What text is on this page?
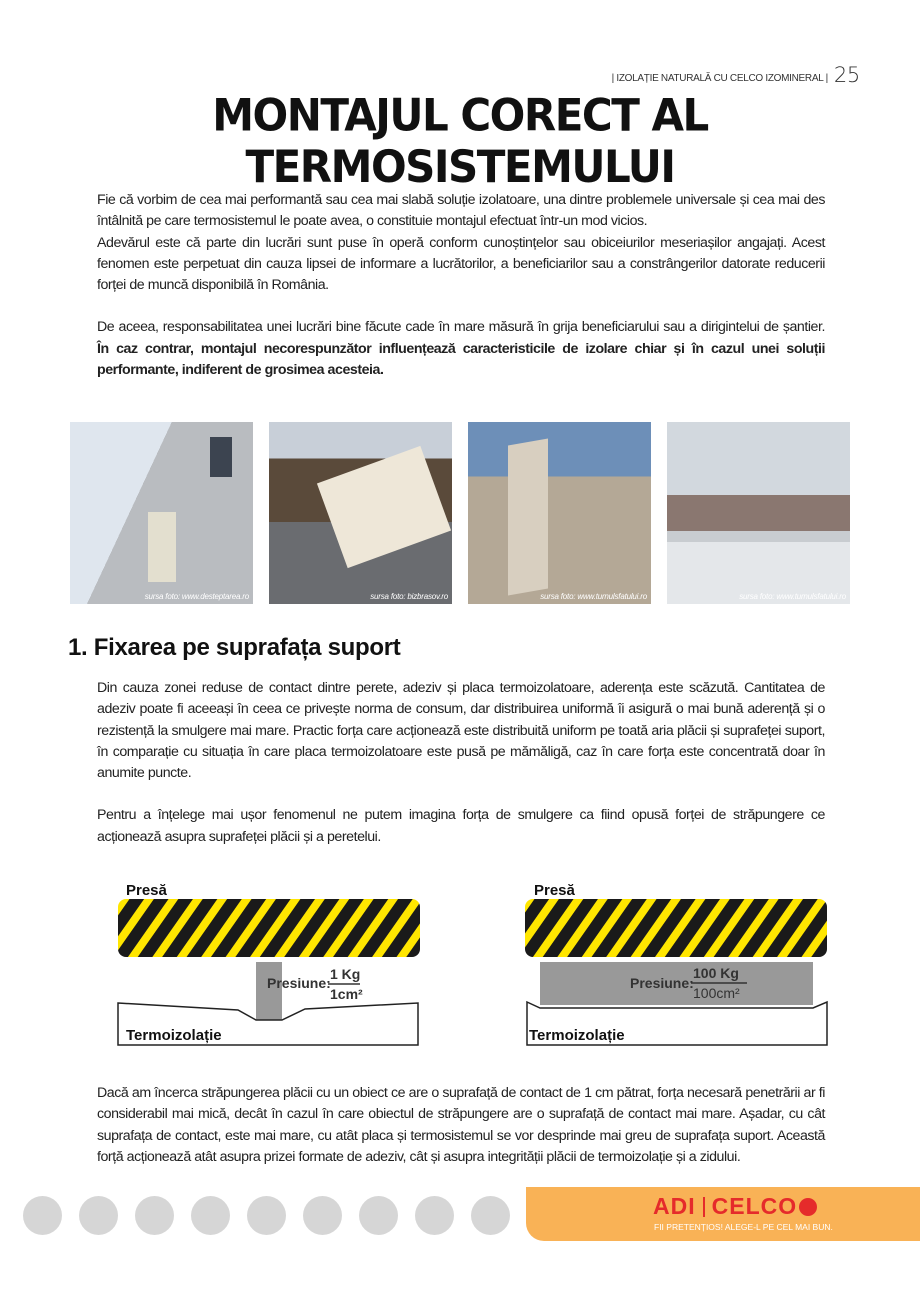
| IZOLAȚIE NATURALĂ CU CELCO IZOMINERAL | 25
MONTAJUL CORECT AL TERMOSISTEMULUI

Fie că vorbim de cea mai performantă sau cea mai slabă soluție izolatoare, una dintre problemele universale și cea mai des întâlnită pe care termosistemul le poate avea, o constituie montajul efectuat într-un mod vicios.

Adevărul este că parte din lucrări sunt puse în operă conform cunoștințelor sau obiceiurilor meseriașilor angajați. Acest fenomen este perpetuat din cauza lipsei de informare a lucrătorilor, a beneficiarilor sau a constrângerilor datorate reducerii forței de muncă disponibilă în România.

De aceea, responsabilitatea unei lucrări bine făcute cade în mare măsură în grija beneficiarului sau a dirigintelui de șantier. În caz contrar, montajul necorespunzător influențează caracteristicile de izolare chiar și în cazul unei soluții performante, indiferent de grosimea acesteia.

sursa foto: www.desteptarea.ro	sursa foto: bizbrasov.ro	sursa foto: www.turnulsfatului.ro	sursa foto: www.turnulsfatului.ro
1. Fixarea pe suprafața suport

Din cauza zonei reduse de contact dintre perete, adeziv și placa termoizolatoare, aderența este scăzută. Cantitatea de adeziv poate fi aceeași în ceea ce privește norma de consum, dar distribuirea uniformă îi asigură o mai bună aderență și o rezistență la smulgere mai mare. Practic forța care acționează este distribuită uniform pe toată aria plăcii și suprafeței suport, în comparație cu situația în care placa termoizolatoare este pusă pe mămăligă, caz în care forța este concentrată doar în anumite puncte.

Pentru a înțelege mai ușor fenomenul ne putem imagina forța de smulgere ca fiind opusă forței de străpungere ce acționează asupra suprafeței plăcii și a peretelui.

Presă
Presiune:
1 Kg
1cm²
Termoizolație
Presă
Presiune:
100 Kg
100cm²
Termoizolație

Dacă am încerca străpungerea plăcii cu un obiect ce are o suprafață de contact de 1 cm pătrat, forța necesară penetrării ar fi considerabil mai mică, decât în cazul în care obiectul de străpungere are o suprafață de contact mai mare. Așadar, cu cât suprafața de contact, este mai mare, cu atât placa și termosistemul se vor desprinde mai greu de suprafața suport. Această forță acționează atât asupra prizei formate de adeziv, cât și asupra integrității plăcii de termoizolație și a zidului.

ADI CELCO
FII PRETENȚIOS! ALEGE-L PE CEL MAI BUN.
